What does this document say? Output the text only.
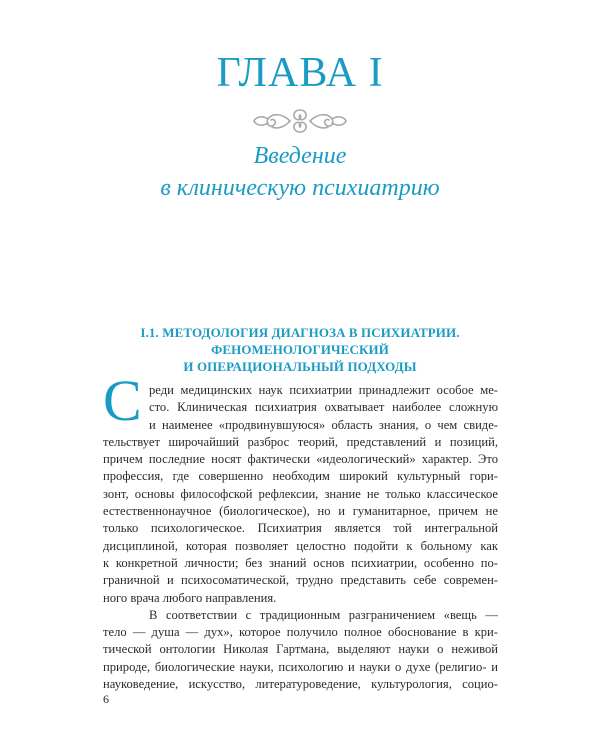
ГЛАВА I
Введение
в клиническую психиатрию
I.1. МЕТОДОЛОГИЯ ДИАГНОЗА В ПСИХИАТРИИ.
ФЕНОМЕНОЛОГИЧЕСКИЙ
И ОПЕРАЦИОНАЛЬНЫЙ ПОДХОДЫ
С реди медицинских наук психиатрии принадлежит особое ме-
сто. Клиническая психиатрия охватывает наиболее сложную
и наименее «продвинувшуюся» область знания, о чем свиде-
тельствует широчайший разброс теорий, представлений и позиций,
причем последние носят фактически «идеологический» характер. Это
профессия, где совершенно необходим широкий культурный гори-
зонт, основы философской рефлексии, знание не только классическое
естественнонаучное (биологическое), но и гуманитарное, причем не
только психологическое. Психиатрия является той интегральной
дисциплиной, которая позволяет целостно подойти к больному как
к конкретной личности; без знаний основ психиатрии, особенно по-
граничной и психосоматической, трудно представить себе современ-
ного врача любого направления.
В соответствии с традиционным разграничением «вещь —
тело — душа — дух», которое получило полное обоснование в кри-
тической онтологии Николая Гартмана, выделяют науки о неживой
природе, биологические науки, психологию и науки о духе (религио- и
науковедение, искусство, литературоведение, культурология, социо-
6
